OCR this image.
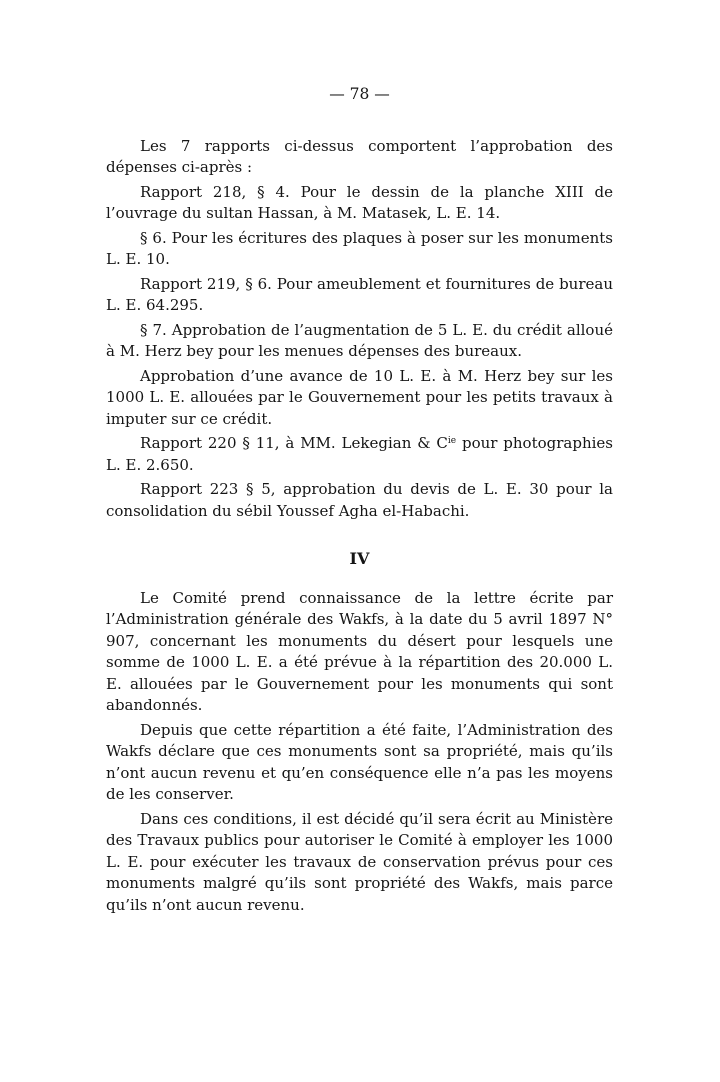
— 78 —

Les 7 rapports ci-dessus comportent l’approbation des dépenses ci-après :

Rapport 218, § 4. Pour le dessin de la planche XIII de l’ouvrage du sultan Hassan, à M. Matasek, L. E. 14.

§ 6. Pour les écritures des plaques à poser sur les monuments L. E. 10.

Rapport 219, § 6. Pour ameublement et fournitures de bureau L. E. 64.295.

§ 7. Approbation de l’augmentation de 5 L. E. du crédit alloué à M. Herz bey pour les menues dépenses des bureaux.

Approbation d’une avance de 10 L. E. à M. Herz bey sur les 1000 L. E. allouées par le Gouvernement pour les petits travaux à imputer sur ce crédit.

Rapport 220 § 11, à MM. Lekegian & $C^{ie}$ pour photographies L. E. 2.650.

Rapport 223 § 5, approbation du devis de L. E. 30 pour la consolidation du sébil Youssef Agha el-Habachi.

IV

Le Comité prend connaissance de la lettre écrite par l’Administration générale des Wakfs, à la date du 5 avril 1897 N° 907, concernant les monuments du désert pour lesquels une somme de 1000 L. E. a été prévue à la répartition des 20.000 L. E. allouées par le Gouvernement pour les monuments qui sont abandonnés.

Depuis que cette répartition a été faite, l’Administration des Wakfs déclare que ces monuments sont sa propriété, mais qu’ils n’ont aucun revenu et qu’en conséquence elle n’a pas les moyens de les conserver.

Dans ces conditions, il est décidé qu’il sera écrit au Ministère des Travaux publics pour autoriser le Comité à employer les 1000 L. E. pour exécuter les travaux de conservation prévus pour ces monuments malgré qu’ils sont propriété des Wakfs, mais parce qu’ils n’ont aucun revenu.
